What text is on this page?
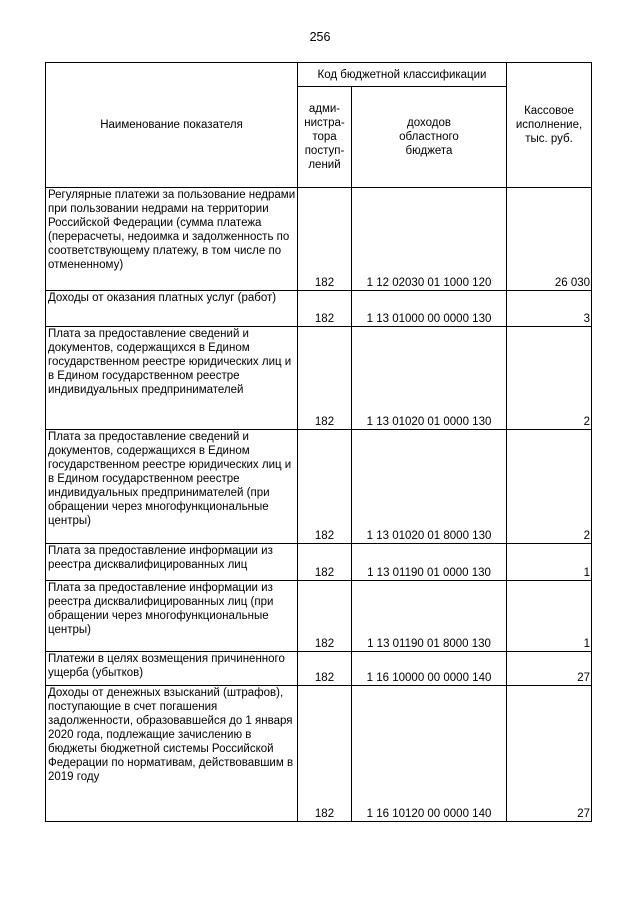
256
Наименование показателя	Код бюджетной классификации		Кассовое
исполнение,
тыс. руб.
	адми-
нистра-
тора
поступ-
лений	доходов
областного
бюджета	
Регулярные платежи за пользование недрами при пользовании недрами на территории Российской Федерации (сумма платежа (перерасчеты, недоимка и задолженность по соответствующему платежу, в том числе по отмененному)	182	1 12 02030 01 1000 120	26 030
Доходы от оказания платных услуг (работ)	182	1 13 01000 00 0000 130	3
Плата за предоставление сведений и документов, содержащихся в Едином государственном реестре юридических лиц и в Едином государственном реестре индивидуальных предпринимателей	182	1 13 01020 01 0000 130	2
Плата за предоставление сведений и документов, содержащихся в Едином государственном реестре юридических лиц и в Едином государственном реестре индивидуальных предпринимателей (при обращении через многофункциональные центры)	182	1 13 01020 01 8000 130	2
Плата за предоставление информации из реестра дисквалифицированных лиц	182	1 13 01190 01 0000 130	1
Плата за предоставление информации из реестра дисквалифицированных лиц (при обращении через многофункциональные центры)	182	1 13 01190 01 8000 130	1
Платежи в целях возмещения причиненного ущерба (убытков)	182	1 16 10000 00 0000 140	27
Доходы от денежных взысканий (штрафов), поступающие в счет погашения задолженности, образовавшейся до 1 января 2020 года, подлежащие зачислению в бюджеты бюджетной системы Российской Федерации по нормативам, действовавшим в 2019 году	182	1 16 10120 00 0000 140	27
